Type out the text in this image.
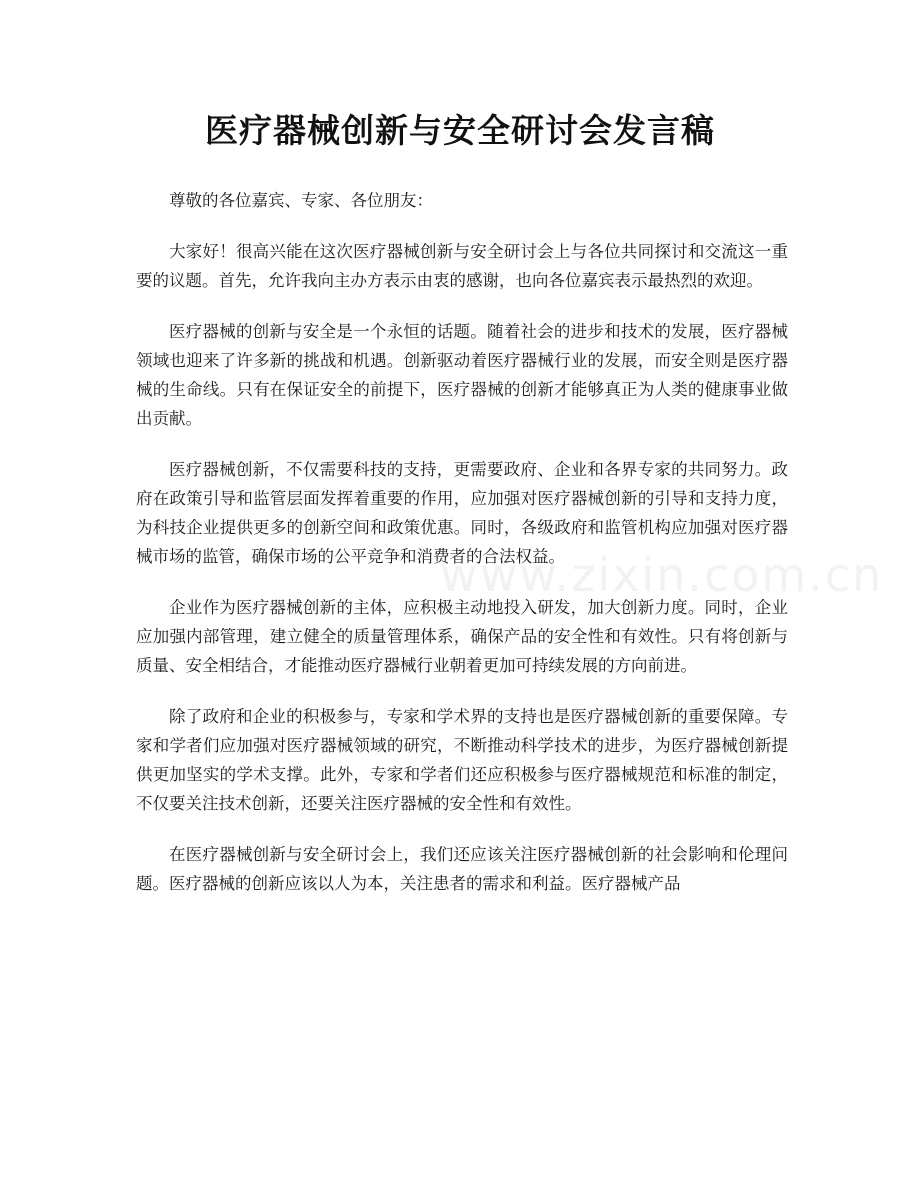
医疗器械创新与安全研讨会发言稿
www.zixin.com.cn

尊敬的各位嘉宾、专家、各位朋友：

大家好！很高兴能在这次医疗器械创新与安全研讨会上与各位共同探讨和交流这一重要的议题。首先，允许我向主办方表示由衷的感谢，也向各位嘉宾表示最热烈的欢迎。

医疗器械的创新与安全是一个永恒的话题。随着社会的进步和技术的发展，医疗器械领域也迎来了许多新的挑战和机遇。创新驱动着医疗器械行业的发展，而安全则是医疗器械的生命线。只有在保证安全的前提下，医疗器械的创新才能够真正为人类的健康事业做出贡献。

医疗器械创新，不仅需要科技的支持，更需要政府、企业和各界专家的共同努力。政府在政策引导和监管层面发挥着重要的作用，应加强对医疗器械创新的引导和支持力度，为科技企业提供更多的创新空间和政策优惠。同时，各级政府和监管机构应加强对医疗器械市场的监管，确保市场的公平竞争和消费者的合法权益。

企业作为医疗器械创新的主体，应积极主动地投入研发，加大创新力度。同时，企业应加强内部管理，建立健全的质量管理体系，确保产品的安全性和有效性。只有将创新与质量、安全相结合，才能推动医疗器械行业朝着更加可持续发展的方向前进。

除了政府和企业的积极参与，专家和学术界的支持也是医疗器械创新的重要保障。专家和学者们应加强对医疗器械领域的研究，不断推动科学技术的进步，为医疗器械创新提供更加坚实的学术支撑。此外，专家和学者们还应积极参与医疗器械规范和标准的制定，不仅要关注技术创新，还要关注医疗器械的安全性和有效性。

在医疗器械创新与安全研讨会上，我们还应该关注医疗器械创新的社会影响和伦理问题。医疗器械的创新应该以人为本，关注患者的需求和利益。医疗器械产品
